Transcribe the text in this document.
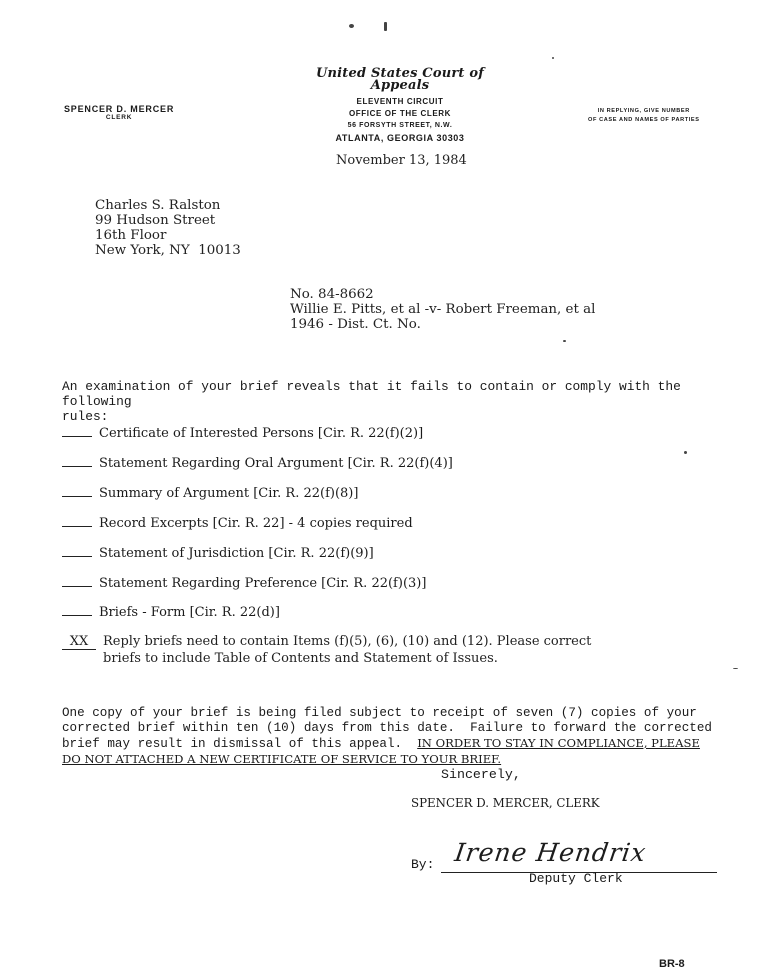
SPENCER D. MERCER
CLERK
United States Court of Appeals
ELEVENTH CIRCUIT
OFFICE OF THE CLERK
56 FORSYTH STREET, N.W.
ATLANTA, GEORGIA 30303
IN REPLYING, GIVE NUMBER
OF CASE AND NAMES OF PARTIES
November 13, 1984
Charles S. Ralston
99 Hudson Street
16th Floor
New York, NY  10013
No. 84-8662
Willie E. Pitts, et al -v- Robert Freeman, et al
1946 - Dist. Ct. No.
An examination of your brief reveals that it fails to contain or comply with the following
rules:
Certificate of Interested Persons [Cir. R. 22(f)(2)]
Statement Regarding Oral Argument [Cir. R. 22(f)(4)]
Summary of Argument [Cir. R. 22(f)(8)]
Record Excerpts [Cir. R. 22] - 4 copies required
Statement of Jurisdiction [Cir. R. 22(f)(9)]
Statement Regarding Preference [Cir. R. 22(f)(3)]
Briefs - Form [Cir. R. 22(d)]
XX Reply briefs need to contain Items (f)(5), (6), (10) and (12). Please correct
briefs to include Table of Contents and Statement of Issues.
One copy of your brief is being filed subject to receipt of seven (7) copies of your
corrected brief within ten (10) days from this date.  Failure to forward the corrected
brief may result in dismissal of this appeal.  IN ORDER TO STAY IN COMPLIANCE, PLEASE
DO NOT ATTACHED A NEW CERTIFICATE OF SERVICE TO YOUR BRIEF.
Sincerely,
SPENCER D. MERCER, CLERK
By: Irene Hendrix
Deputy Clerk
BR-8
